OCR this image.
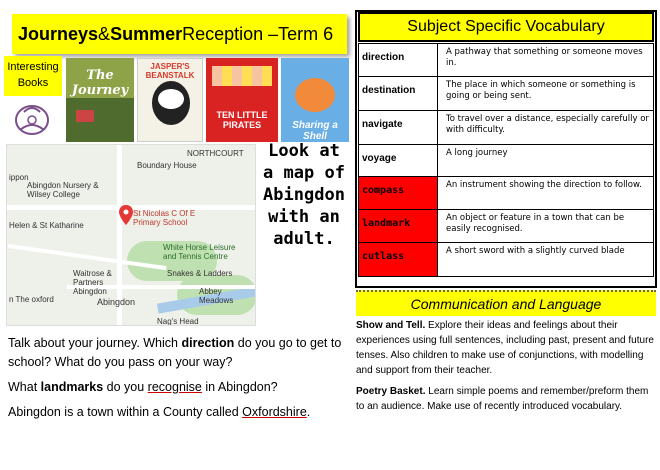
Journeys & Summer Reception –Term 6
Interesting Books	The Journey
JASPER'S BEANSTALK
TEN LITTLE PIRATES	Sharing a Shell
NORTHCOURT
Boundary House
ippon
Abingdon Nursery & Wilsey College
Helen & St Katharine
St Nicolas C Of E Primary School
White Horse Leisure and Tennis Centre
Waitrose & Partners Abingdon
Snakes & Ladders
Abingdon
Abbey Meadows
n The oxford
Nag's Head
Look at a map of Abingdon with an adult.

Talk about your journey. Which direction do you go to get to school? What do you pass on your way?

What landmarks do you recognise in Abingdon?

Abingdon is a town within a County called Oxfordshire.

Subject Specific Vocabulary
direction	A pathway that something or someone moves in.
destination	The place in which someone or something is going or being sent.
navigate	To travel over a distance, especially carefully or with difficulty.
voyage	A long journey
compass	An instrument showing the direction to follow.
landmark	An object or feature in a town that can be easily recognised.
cutlass	A short sword with a slightly curved blade
Communication and Language

Show and Tell. Explore their ideas and feelings about their experiences using full sentences, including past, present and future tenses. Also children to make use of conjunctions, with modelling and support from their teacher.

Poetry Basket. Learn simple poems and remember/preform them to an audience. Make use of recently introduced vocabulary.
